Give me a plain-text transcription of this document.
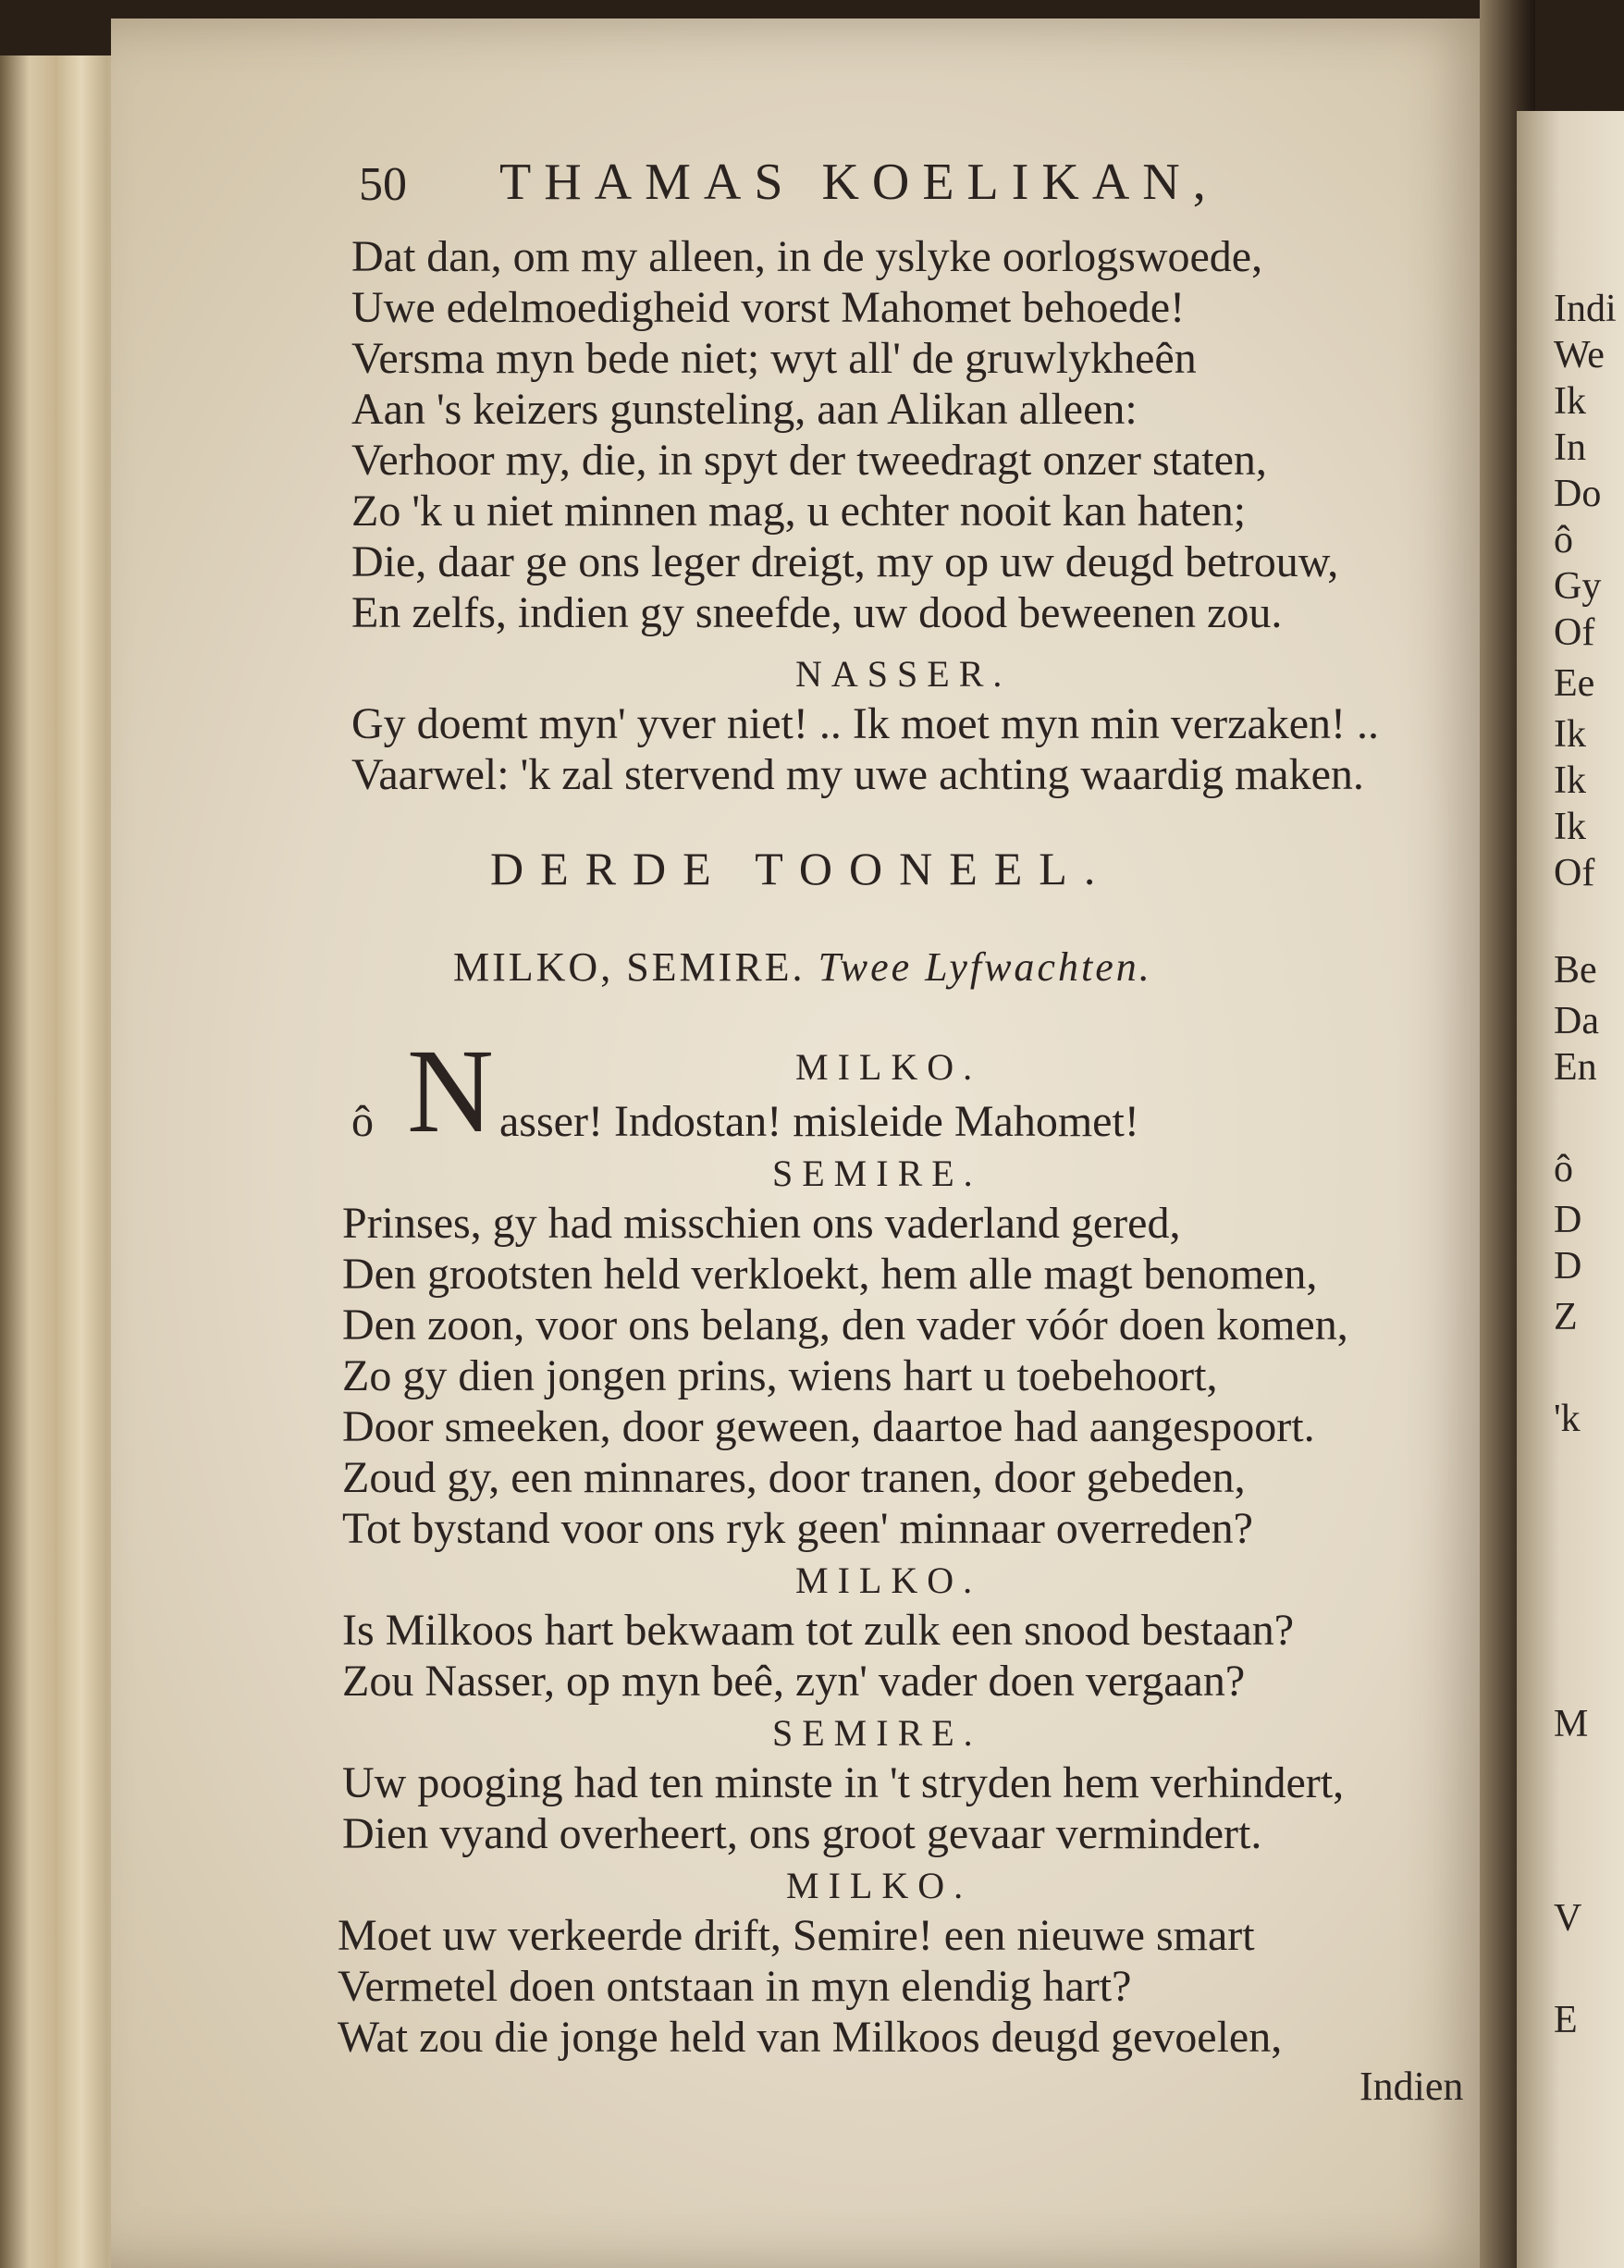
50 THAMAS KOELIKAN,
Dat dan, om my alleen, in de yslyke oorlogswoede,
Uwe edelmoedigheid vorst Mahomet behoede!
Versma myn bede niet; wyt all' de gruwlykheên
Aan 's keizers gunsteling, aan Alikan alleen:
Verhoor my, die, in spyt der tweedragt onzer staten,
Zo 'k u niet minnen mag, u echter nooit kan haten;
Die, daar ge ons leger dreigt, my op uw deugd betrouw,
En zelfs, indien gy sneefde, uw dood beweenen zou.
NASSER.
Gy doemt myn' yver niet! .. Ik moet myn min verzaken! ..
Vaarwel: 'k zal stervend my uwe achting waardig maken.
DERDE TOONEEL.
MILKO, SEMIRE. Twee Lyfwachten.
MILKO.
N
ô	asser! Indostan! misleide Mahomet!
SEMIRE.
Prinses, gy had misschien ons vaderland gered,
Den grootsten held verkloekt, hem alle magt benomen,
Den zoon, voor ons belang, den vader vóór doen komen,
Zo gy dien jongen prins, wiens hart u toebehoort,
Door smeeken, door geween, daartoe had aangespoort.
Zoud gy, een minnares, door tranen, door gebeden,
Tot bystand voor ons ryk geen' minnaar overreden?
MILKO.
Is Milkoos hart bekwaam tot zulk een snood bestaan?
Zou Nasser, op myn beê, zyn' vader doen vergaan?
SEMIRE.
Uw pooging had ten minste in 't stryden hem verhindert,
Dien vyand overheert, ons groot gevaar vermindert.
MILKO.
Moet uw verkeerde drift, Semire! een nieuwe smart
Vermetel doen ontstaan in myn elendig hart?
Wat zou die jonge held van Milkoos deugd gevoelen,
Indien
Indi
We
Ik
In
Do
ô
Gy
Of
Ee
Ik
Ik
Ik
Of
Be
Da
En
ô
D
D
Z
'k
M
V
E
